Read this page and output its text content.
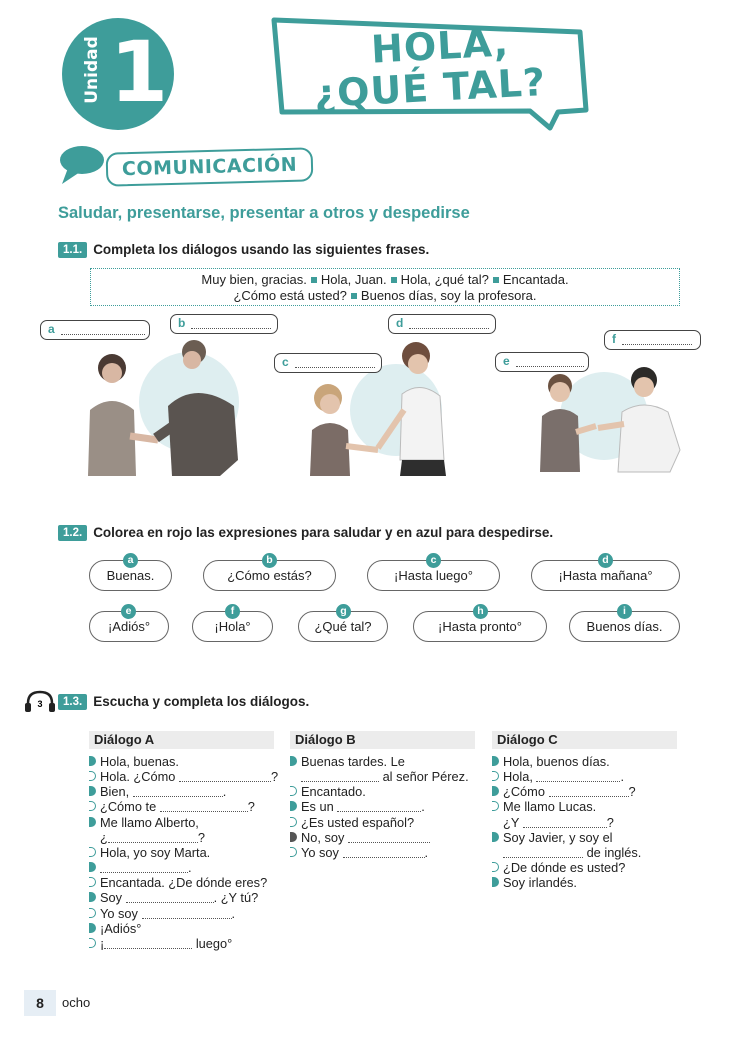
Unidad 1	HOLA,
¿QUÉ TAL?
COMUNICACIÓN
Saludar, presentarse, presentar a otros y despedirse
1.1. Completa los diálogos usando las siguientes frases.
Muy bien, gracias. Hola, Juan. Hola, ¿qué tal? Encantada.
¿Cómo está usted? Buenos días, soy la profesora.
a	b
c
d
e
f
1.2. Colorea en rojo las expresiones para saludar y en azul para despedirse.
Buenas.
a
¿Cómo estás?
b
¡Hasta luego°
c
¡Hasta mañana°
d
¡Adiós°
e
¡Hola°
f
¿Qué tal?
g
¡Hasta pronto°
h
Buenos días.
i
3	1.3. Escucha y completa los diálogos.
Diálogo A	Diálogo B	Diálogo C
Hola, buenas.
Hola. ¿Cómo	?
Bien,	.
¿Cómo te	?
Me llamo Alberto,
¿	?
Hola, yo soy Marta.
.
Encantada. ¿De dónde eres?
Soy	. ¿Y tú?
Yo soy	.
¡Adiós°
¡	luego°
Buenas tardes. Le
al señor Pérez.
Encantado.
Es un	.
¿Es usted español?
No, soy
Yo soy	.
Hola, buenos días.
Hola,	.
¿Cómo	?
Me llamo Lucas.
¿Y	?
Soy Javier, y soy el
de inglés.
¿De dónde es usted?
Soy irlandés.
8	ocho
